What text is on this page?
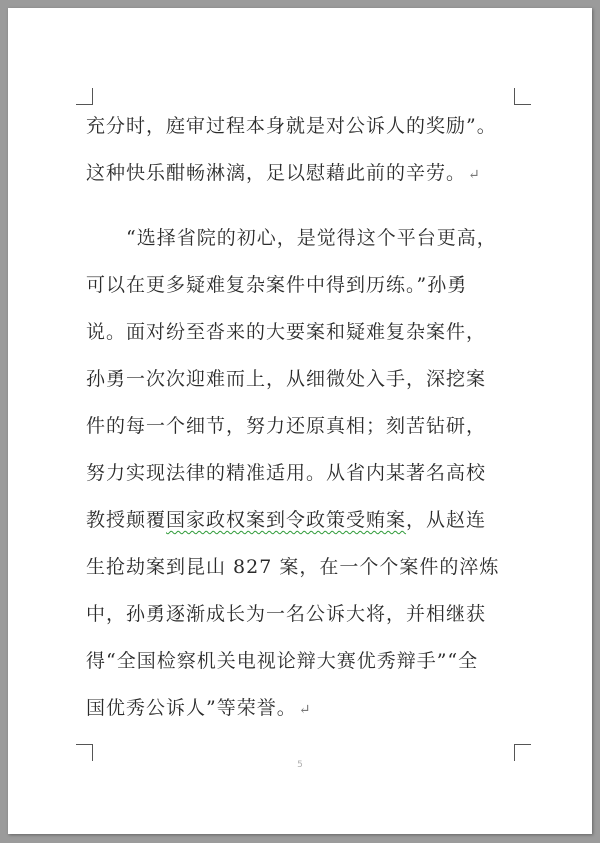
充分时，庭审过程本身就是对公诉人的奖励”。
这种快乐酣畅淋漓，足以慰藉此前的辛劳。 ↵
“选择省院的初心，是觉得这个平台更高，
可以在更多疑难复杂案件中得到历练。”孙勇
说。面对纷至沓来的大要案和疑难复杂案件，
孙勇一次次迎难而上，从细微处入手，深挖案
件的每一个细节，努力还原真相；刻苦钻研，
努力实现法律的精准适用。从省内某著名高校
教授颠覆国家政权案到令政策受贿案，从赵连
生抢劫案到昆山 827 案，在一个个案件的淬炼
中，孙勇逐渐成长为一名公诉大将，并相继获
得“全国检察机关电视论辩大赛优秀辩手”“全
国优秀公诉人”等荣誉。 ↵
5
